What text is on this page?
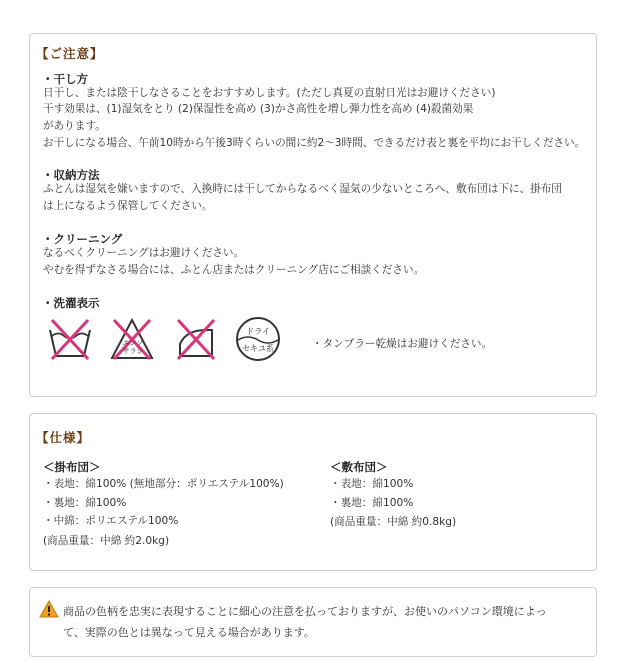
【ご注意】
・干し方
日干し、または陰干しなさることをおすすめします。(ただし真夏の直射日光はお避けください)
干す効果は、(1)湿気をとり (2)保湿性を高め (3)かさ高性を増し弾力性を高め (4)殺菌効果
があります。
お干しになる場合、午前10時から午後3時くらいの間に約2〜3時間、できるだけ表と裏を平均にお干しください。
・収納方法
ふとんは湿気を嫌いますので、入換時には干してからなるべく湿気の少ないところへ、敷布団は下に、掛布団
は上になるよう保管してください。
・クリーニング
なるべくクリーニングはお避けください。
やむを得ずなさる場合には、ふとん店またはクリーニング店にご相談ください。
・洗濯表示
エンソ
サラシ
ドライ
セキユ系	・タンブラー乾燥はお避けください。
【仕様】
＜掛布団＞
・表地：綿100% (無地部分：ポリエステル100%)
・裏地：綿100%
・中綿：ポリエステル100%
(商品重量：中綿 約2.0kg)
＜敷布団＞
・表地：綿100%
・裏地：綿100%
(商品重量：中綿 約0.8kg)
商品の色柄を忠実に表現することに細心の注意を払っておりますが、お使いのパソコン環境によっ
て、実際の色とは異なって見える場合があります。
